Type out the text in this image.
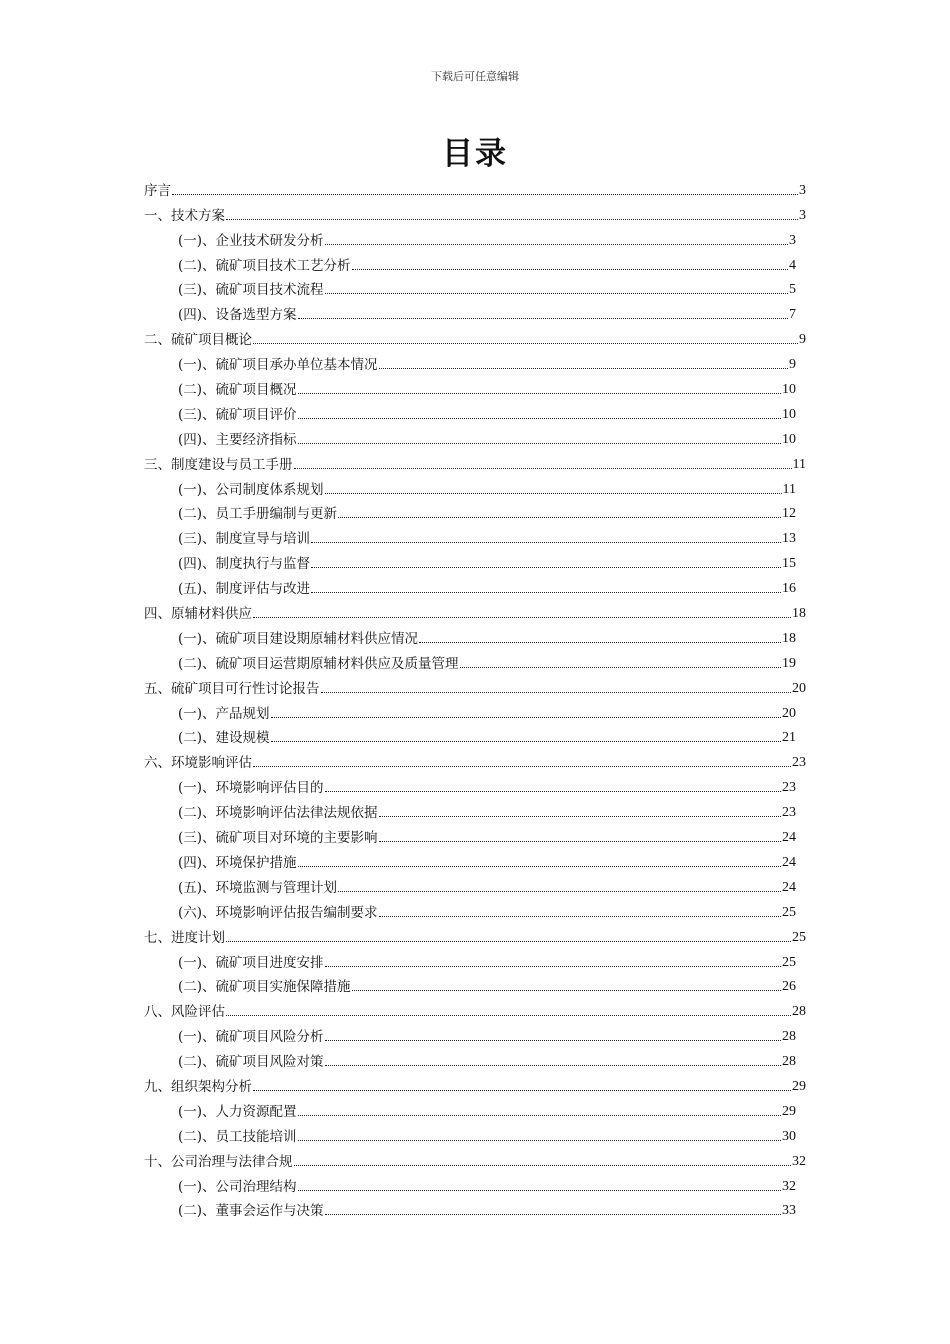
下载后可任意编辑
目录
序言	3
一、技术方案	3
(一)、企业技术研发分析	3
(二)、硫矿项目技术工艺分析	4
(三)、硫矿项目技术流程	5
(四)、设备选型方案	7
二、硫矿项目概论	9
(一)、硫矿项目承办单位基本情况	9
(二)、硫矿项目概况	10
(三)、硫矿项目评价	10
(四)、主要经济指标	10
三、制度建设与员工手册	11
(一)、公司制度体系规划	11
(二)、员工手册编制与更新	12
(三)、制度宣导与培训	13
(四)、制度执行与监督	15
(五)、制度评估与改进	16
四、原辅材料供应	18
(一)、硫矿项目建设期原辅材料供应情况	18
(二)、硫矿项目运营期原辅材料供应及质量管理	19
五、硫矿项目可行性讨论报告	20
(一)、产品规划	20
(二)、建设规模	21
六、环境影响评估	23
(一)、环境影响评估目的	23
(二)、环境影响评估法律法规依据	23
(三)、硫矿项目对环境的主要影响	24
(四)、环境保护措施	24
(五)、环境监测与管理计划	24
(六)、环境影响评估报告编制要求	25
七、进度计划	25
(一)、硫矿项目进度安排	25
(二)、硫矿项目实施保障措施	26
八、风险评估	28
(一)、硫矿项目风险分析	28
(二)、硫矿项目风险对策	28
九、组织架构分析	29
(一)、人力资源配置	29
(二)、员工技能培训	30
十、公司治理与法律合规	32
(一)、公司治理结构	32
(二)、董事会运作与决策	33
